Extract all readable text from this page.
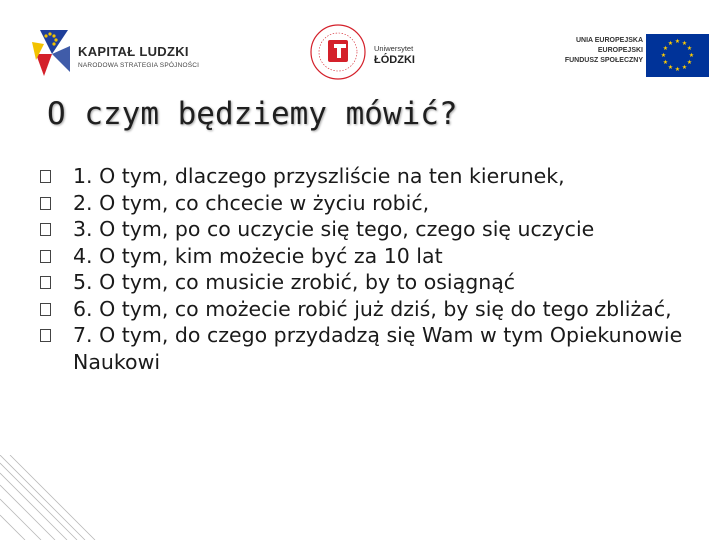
KAPITAŁ LUDZKI
NARODOWA STRATEGIA SPÓJNOŚCI
Uniwersytet
ŁÓDZKI
UNIA EUROPEJSKA
EUROPEJSKI
FUNDUSZ SPOŁECZNY
★ ★
★
★
★
★
★
★
★
★
★
★
O czym będziemy mówić?
1. O tym, dlaczego przyszliście na ten kierunek,
2. O tym, co chcecie w życiu robić,
3. O tym, po co uczycie się tego, czego się uczycie
4. O tym, kim możecie być za 10 lat
5. O tym, co musicie zrobić, by to osiągnąć
6. O tym, co możecie robić już dziś, by się do tego zbliżać,
7. O tym, do czego przydadzą się Wam w tym Opiekunowie Naukowi
